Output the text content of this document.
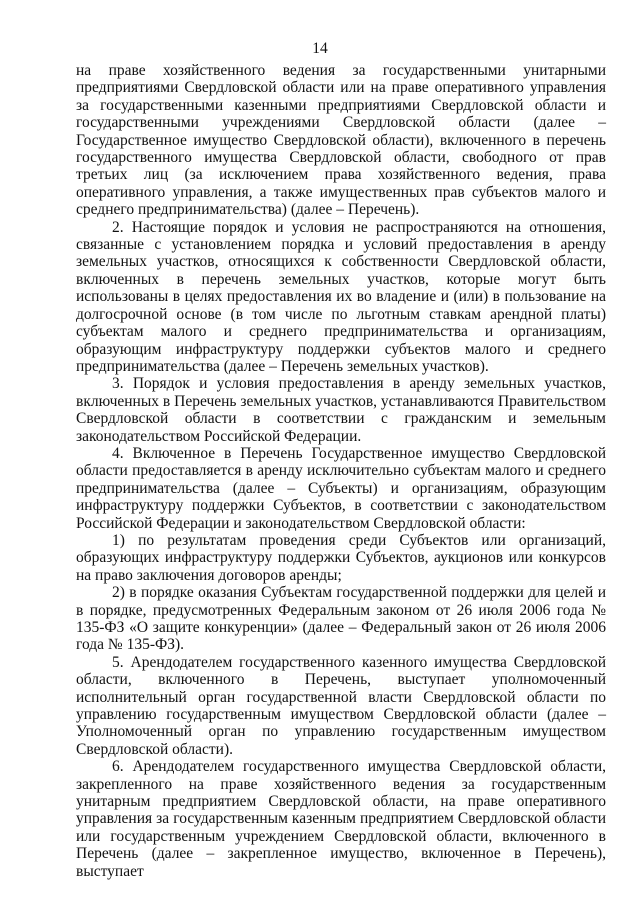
14

на праве хозяйственного ведения за государственными унитарными предприятиями Свердловской области или на праве оперативного управления за государственными казенными предприятиями Свердловской области и государственными учреждениями Свердловской области (далее – Государственное имущество Свердловской области), включенного в перечень государственного имущества Свердловской области, свободного от прав третьих лиц (за исключением права хозяйственного ведения, права оперативного управления, а также имущественных прав субъектов малого и среднего предпринимательства) (далее – Перечень).

2. Настоящие порядок и условия не распространяются на отношения, связанные с установлением порядка и условий предоставления в аренду земельных участков, относящихся к собственности Свердловской области, включенных в перечень земельных участков, которые могут быть использованы в целях предоставления их во владение и (или) в пользование на долгосрочной основе (в том числе по льготным ставкам арендной платы) субъектам малого и среднего предпринимательства и организациям, образующим инфраструктуру поддержки субъектов малого и среднего предпринимательства (далее – Перечень земельных участков).

3. Порядок и условия предоставления в аренду земельных участков, включенных в Перечень земельных участков, устанавливаются Правительством Свердловской области в соответствии с гражданским и земельным законодательством Российской Федерации.

4. Включенное в Перечень Государственное имущество Свердловской области предоставляется в аренду исключительно субъектам малого и среднего предпринимательства (далее – Субъекты) и организациям, образующим инфраструктуру поддержки Субъектов, в соответствии с законодательством Российской Федерации и законодательством Свердловской области:

1) по результатам проведения среди Субъектов или организаций, образующих инфраструктуру поддержки Субъектов, аукционов или конкурсов на право заключения договоров аренды;

2) в порядке оказания Субъектам государственной поддержки для целей и в порядке, предусмотренных Федеральным законом от 26 июля 2006 года № 135-ФЗ «О защите конкуренции» (далее – Федеральный закон от 26 июля 2006 года № 135-ФЗ).

5. Арендодателем государственного казенного имущества Свердловской области, включенного в Перечень, выступает уполномоченный исполнительный орган государственной власти Свердловской области по управлению государственным имуществом Свердловской области (далее – Уполномоченный орган по управлению государственным имуществом Свердловской области).

6. Арендодателем государственного имущества Свердловской области, закрепленного на праве хозяйственного ведения за государственным унитарным предприятием Свердловской области, на праве оперативного управления за государственным казенным предприятием Свердловской области или государственным учреждением Свердловской области, включенного в Перечень (далее – закрепленное имущество, включенное в Перечень), выступает
